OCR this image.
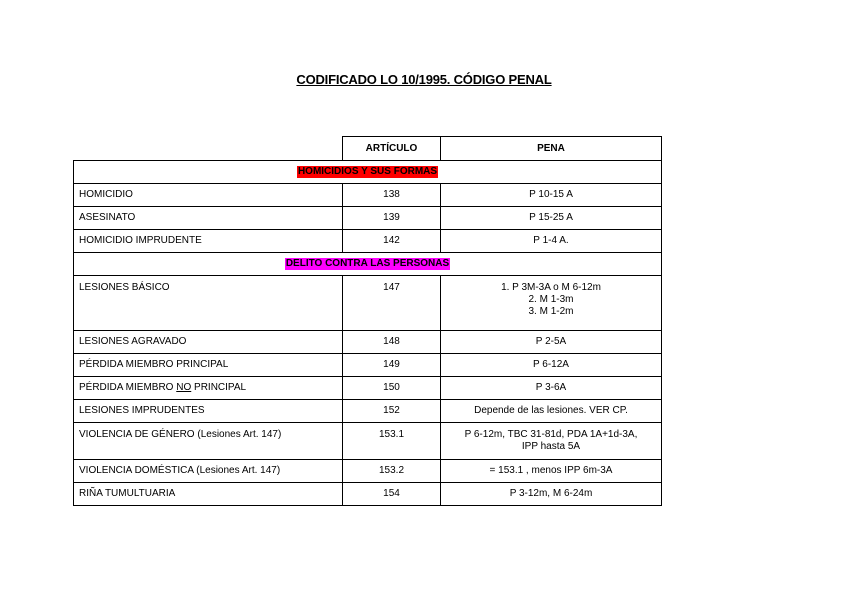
CODIFICADO LO 10/1995. CÓDIGO PENAL
	ARTÍCULO	PENA
HOMICIDIOS Y SUS FORMAS		
HOMICIDIO	138	P 10-15 A
ASESINATO	139	P 15-25 A
HOMICIDIO IMPRUDENTE	142	P 1-4 A.
DELITO CONTRA LAS PERSONAS		
LESIONES BÁSICO	147	1. P 3M-3A o M 6-12m
2. M 1-3m
3. M 1-2m

LESIONES AGRAVADO	148	P 2-5A
PÉRDIDA MIEMBRO PRINCIPAL	149	P 6-12A
PÉRDIDA MIEMBRO NO PRINCIPAL	150	P 3-6A
LESIONES IMPRUDENTES	152	Depende de las lesiones. VER CP.
VIOLENCIA DE GÉNERO (Lesiones Art. 147)	153.1	P 6-12m, TBC 31-81d, PDA 1A+1d-3A,
IPP hasta 5A

VIOLENCIA DOMÉSTICA (Lesiones Art. 147)	153.2	= 153.1 , menos IPP 6m-3A
RIÑA TUMULTUARIA	154	P 3-12m, M 6-24m
